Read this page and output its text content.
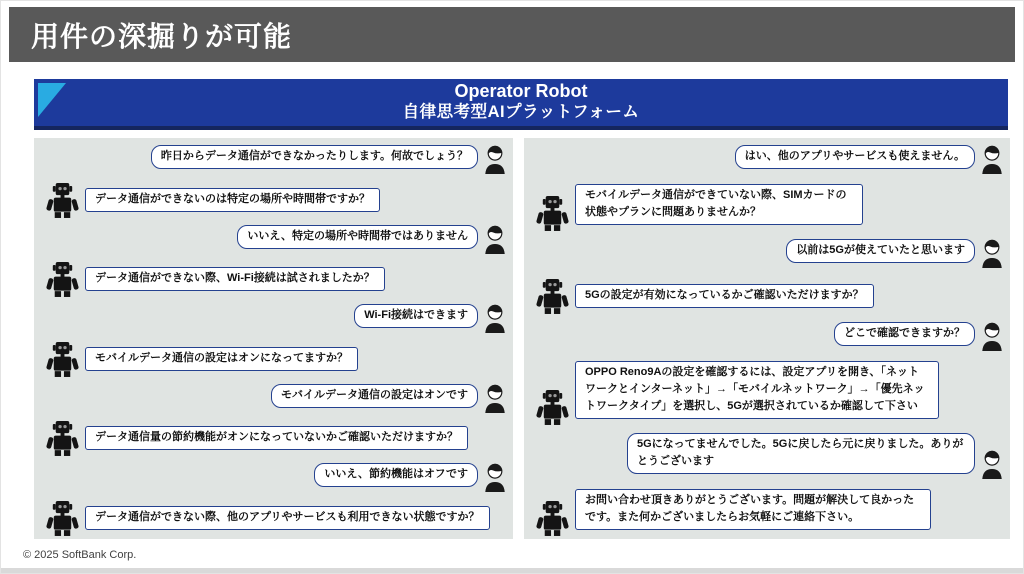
用件の深掘りが可能
Operator Robot
自律思考型AIプラットフォーム
昨日からデータ通信ができなかったりします。何故でしょう？
データ通信ができないのは特定の場所や時間帯ですか？
いいえ、特定の場所や時間帯ではありません
データ通信ができない際、Wi-Fi接続は試されましたか？
Wi-Fi接続はできます
モバイルデータ通信の設定はオンになってますか？
モバイルデータ通信の設定はオンです
データ通信量の節約機能がオンになっていないかご確認いただけますか？
いいえ、節約機能はオフです
データ通信ができない際、他のアプリやサービスも利用できない状態ですか？
はい、他のアプリやサービスも使えません。
モバイルデータ通信ができていない際、SIMカードの状態やプランに問題ありませんか？
以前は5Gが使えていたと思います
5Gの設定が有効になっているかご確認いただけますか？
どこで確認できますか？
OPPO Reno9Aの設定を確認するには、設定アプリを開き、「ネットワークとインターネット」→「モバイルネットワーク」→「優先ネットワークタイプ」を選択し、5Gが選択されているか確認して下さい
5Gになってませんでした。5Gに戻したら元に戻りました。ありがとうございます
お問い合わせ頂きありがとうございます。問題が解決して良かったです。また何かございましたらお気軽にご連絡下さい。
© 2025 SoftBank Corp.
